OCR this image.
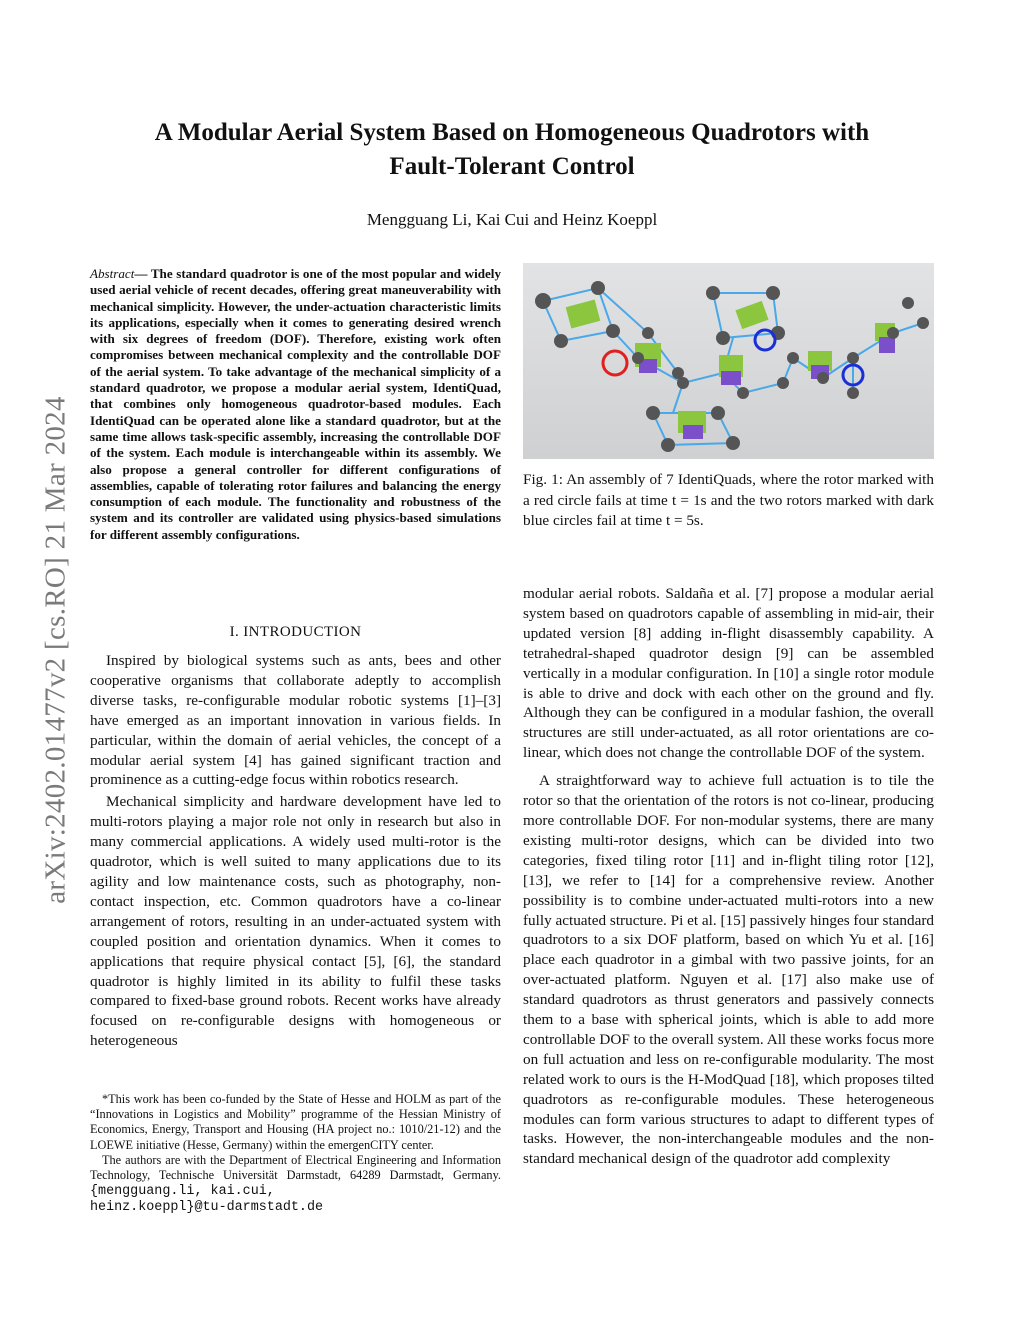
arXiv:2402.01477v2 [cs.RO] 21 Mar 2024
A Modular Aerial System Based on Homogeneous Quadrotors with
Fault-Tolerant Control
Mengguang Li, Kai Cui and Heinz Koeppl
Abstract— The standard quadrotor is one of the most popular and widely used aerial vehicle of recent decades, offering great maneuverability with mechanical simplicity. However, the under-actuation characteristic limits its applications, especially when it comes to generating desired wrench with six degrees of freedom (DOF). Therefore, existing work often compromises between mechanical complexity and the controllable DOF of the aerial system. To take advantage of the mechanical simplicity of a standard quadrotor, we propose a modular aerial system, IdentiQuad, that combines only homogeneous quadrotor-based modules. Each IdentiQuad can be operated alone like a standard quadrotor, but at the same time allows task-specific assembly, increasing the controllable DOF of the system. Each module is interchangeable within its assembly. We also propose a general controller for different configurations of assemblies, capable of tolerating rotor failures and balancing the energy consumption of each module. The functionality and robustness of the system and its controller are validated using physics-based simulations for different assembly configurations.
I. INTRODUCTION

Inspired by biological systems such as ants, bees and other cooperative organisms that collaborate adeptly to accomplish diverse tasks, re-configurable modular robotic systems [1]–[3] have emerged as an important innovation in various fields. In particular, within the domain of aerial vehicles, the concept of a modular aerial system [4] has gained significant traction and prominence as a cutting-edge focus within robotics research.

Mechanical simplicity and hardware development have led to multi-rotors playing a major role not only in research but also in many commercial applications. A widely used multi-rotor is the quadrotor, which is well suited to many applications due to its agility and low maintenance costs, such as photography, non-contact inspection, etc. Common quadrotors have a co-linear arrangement of rotors, resulting in an under-actuated system with coupled position and orientation dynamics. When it comes to applications that require physical contact [5], [6], the standard quadrotor is highly limited in its ability to fulfil these tasks compared to fixed-base ground robots. Recent works have already focused on re-configurable designs with homogeneous or heterogeneous

*This work has been co-funded by the State of Hesse and HOLM as part of the “Innovations in Logistics and Mobility” programme of the Hessian Ministry of Economics, Energy, Transport and Housing (HA project no.: 1010/21-12) and the LOEWE initiative (Hesse, Germany) within the emergenCITY center.

The authors are with the Department of Electrical Engineering and Information Technology, Technische Universität Darmstadt, 64289 Darmstadt, Germany. {mengguang.li, kai.cui,
heinz.koeppl}@tu-darmstadt.de

Fig. 1: An assembly of 7 IdentiQuads, where the rotor marked with a red circle fails at time t = 1s and the two rotors marked with dark blue circles fail at time t = 5s.

modular aerial robots. Saldaña et al. [7] propose a modular aerial system based on quadrotors capable of assembling in mid-air, their updated version [8] adding in-flight disassembly capability. A tetrahedral-shaped quadrotor design [9] can be assembled vertically in a modular configuration. In [10] a single rotor module is able to drive and dock with each other on the ground and fly. Although they can be configured in a modular fashion, the overall structures are still under-actuated, as all rotor orientations are co-linear, which does not change the controllable DOF of the system.

A straightforward way to achieve full actuation is to tile the rotor so that the orientation of the rotors is not co-linear, producing more controllable DOF. For non-modular systems, there are many existing multi-rotor designs, which can be divided into two categories, fixed tiling rotor [11] and in-flight tiling rotor [12], [13], we refer to [14] for a comprehensive review. Another possibility is to combine under-actuated multi-rotors into a new fully actuated structure. Pi et al. [15] passively hinges four standard quadrotors to a six DOF platform, based on which Yu et al. [16] place each quadrotor in a gimbal with two passive joints, for an over-actuated platform. Nguyen et al. [17] also make use of standard quadrotors as thrust generators and passively connects them to a base with spherical joints, which is able to add more controllable DOF to the overall system. All these works focus more on full actuation and less on re-configurable modularity. The most related work to ours is the H-ModQuad [18], which proposes tilted quadrotors as re-configurable modules. These heterogeneous modules can form various structures to adapt to different types of tasks. However, the non-interchangeable modules and the non-standard mechanical design of the quadrotor add complexity
